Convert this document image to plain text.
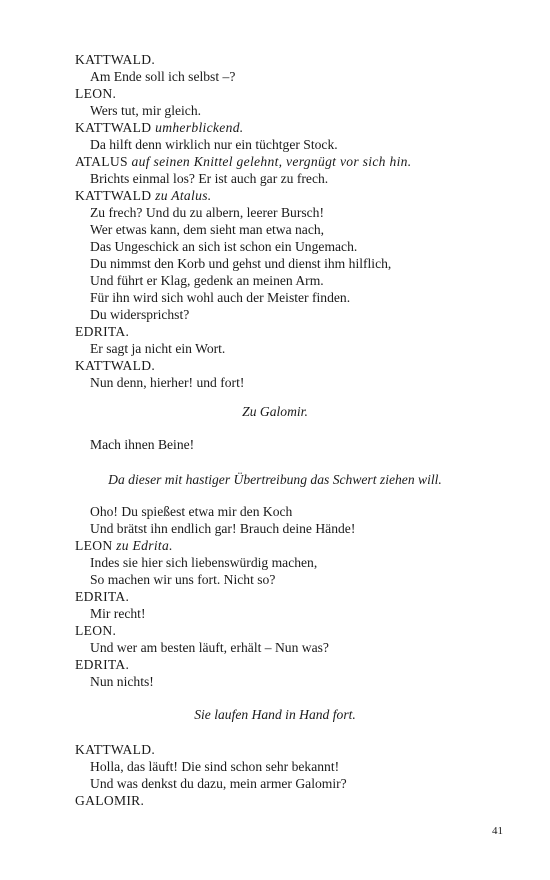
KATTWALD.
Am Ende soll ich selbst –?
LEON.
Wers tut, mir gleich.
KATTWALD umherblickend.
Da hilft denn wirklich nur ein tüchtger Stock.
ATALUS auf seinen Knittel gelehnt, vergnügt vor sich hin.
Brichts einmal los? Er ist auch gar zu frech.
KATTWALD zu Atalus.
Zu frech? Und du zu albern, leerer Bursch!
Wer etwas kann, dem sieht man etwa nach,
Das Ungeschick an sich ist schon ein Ungemach.
Du nimmst den Korb und gehst und dienst ihm hilflich,
Und führt er Klag, gedenk an meinen Arm.
Für ihn wird sich wohl auch der Meister finden.
Du widersprichst?
EDRITA.
Er sagt ja nicht ein Wort.
KATTWALD.
Nun denn, hierher! und fort!
Zu Galomir.
Mach ihnen Beine!
Da dieser mit hastiger Übertreibung das Schwert ziehen will.
Oho! Du spießest etwa mir den Koch
Und brätst ihn endlich gar! Brauch deine Hände!
LEON zu Edrita.
Indes sie hier sich liebenswürdig machen,
So machen wir uns fort. Nicht so?
EDRITA.
Mir recht!
LEON.
Und wer am besten läuft, erhält – Nun was?
EDRITA.
Nun nichts!
Sie laufen Hand in Hand fort.
KATTWALD.
Holla, das läuft! Die sind schon sehr bekannt!
Und was denkst du dazu, mein armer Galomir?
GALOMIR.
41
